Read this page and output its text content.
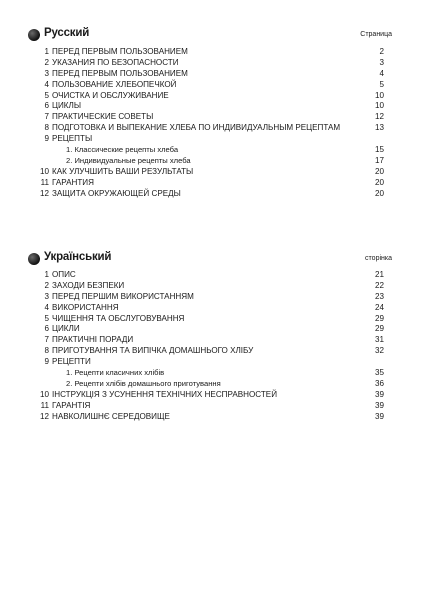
Русский	Страница
1 ПЕРЕД ПЕРВЫМ ПОЛЬЗОВАНИЕМ	2
2 УКАЗАНИЯ ПО БЕЗОПАСНОСТИ	3
3 ПЕРЕД ПЕРВЫМ ПОЛЬЗОВАНИЕМ	4
4 ПОЛЬЗОВАНИЕ ХЛЕБОПЕЧКОЙ	5
5 ОЧИСТКА И ОБСЛУЖИВАНИЕ	10
6 ЦИКЛЫ	10
7 ПРАКТИЧЕСКИЕ СОВЕТЫ	12
8 ПОДГОТОВКА И ВЫПЕКАНИЕ ХЛЕБА ПО ИНДИВИДУАЛЬНЫМ РЕЦЕПТАМ	13
9 РЕЦЕПТЫ
1. Классические рецепты хлеба	15
2. Индивидуальные рецепты хлеба	17
10 КАК УЛУЧШИТЬ ВАШИ РЕЗУЛЬТАТЫ	20
11 ГАРАНТИЯ	20
12 ЗАЩИТА ОКРУЖАЮЩЕЙ СРЕДЫ	20
Український	сторінка
1 ОПИС	21
2 ЗАХОДИ БЕЗПЕКИ	22
3 ПЕРЕД ПЕРШИМ ВИКОРИСТАННЯМ	23
4 ВИКОРИСТАННЯ	24
5 ЧИЩЕННЯ ТА ОБСЛУГОВУВАННЯ	29
6 ЦИКЛИ	29
7 ПРАКТИЧНІ ПОРАДИ	31
8 ПРИГОТУВАННЯ ТА ВИПІЧКА ДОМАШНЬОГО ХЛІБУ	32
9 РЕЦЕПТИ
1. Рецепти класичних хлібів	35
2. Рецепти хлібів домашнього приготування	36
10 ІНСТРУКЦІЯ З УСУНЕННЯ ТЕХНІЧНИХ НЕСПРАВНОСТЕЙ	39
11 ГАРАНТІЯ	39
12 НАВКОЛИШНЄ СЕРЕДОВИЩЕ	39
